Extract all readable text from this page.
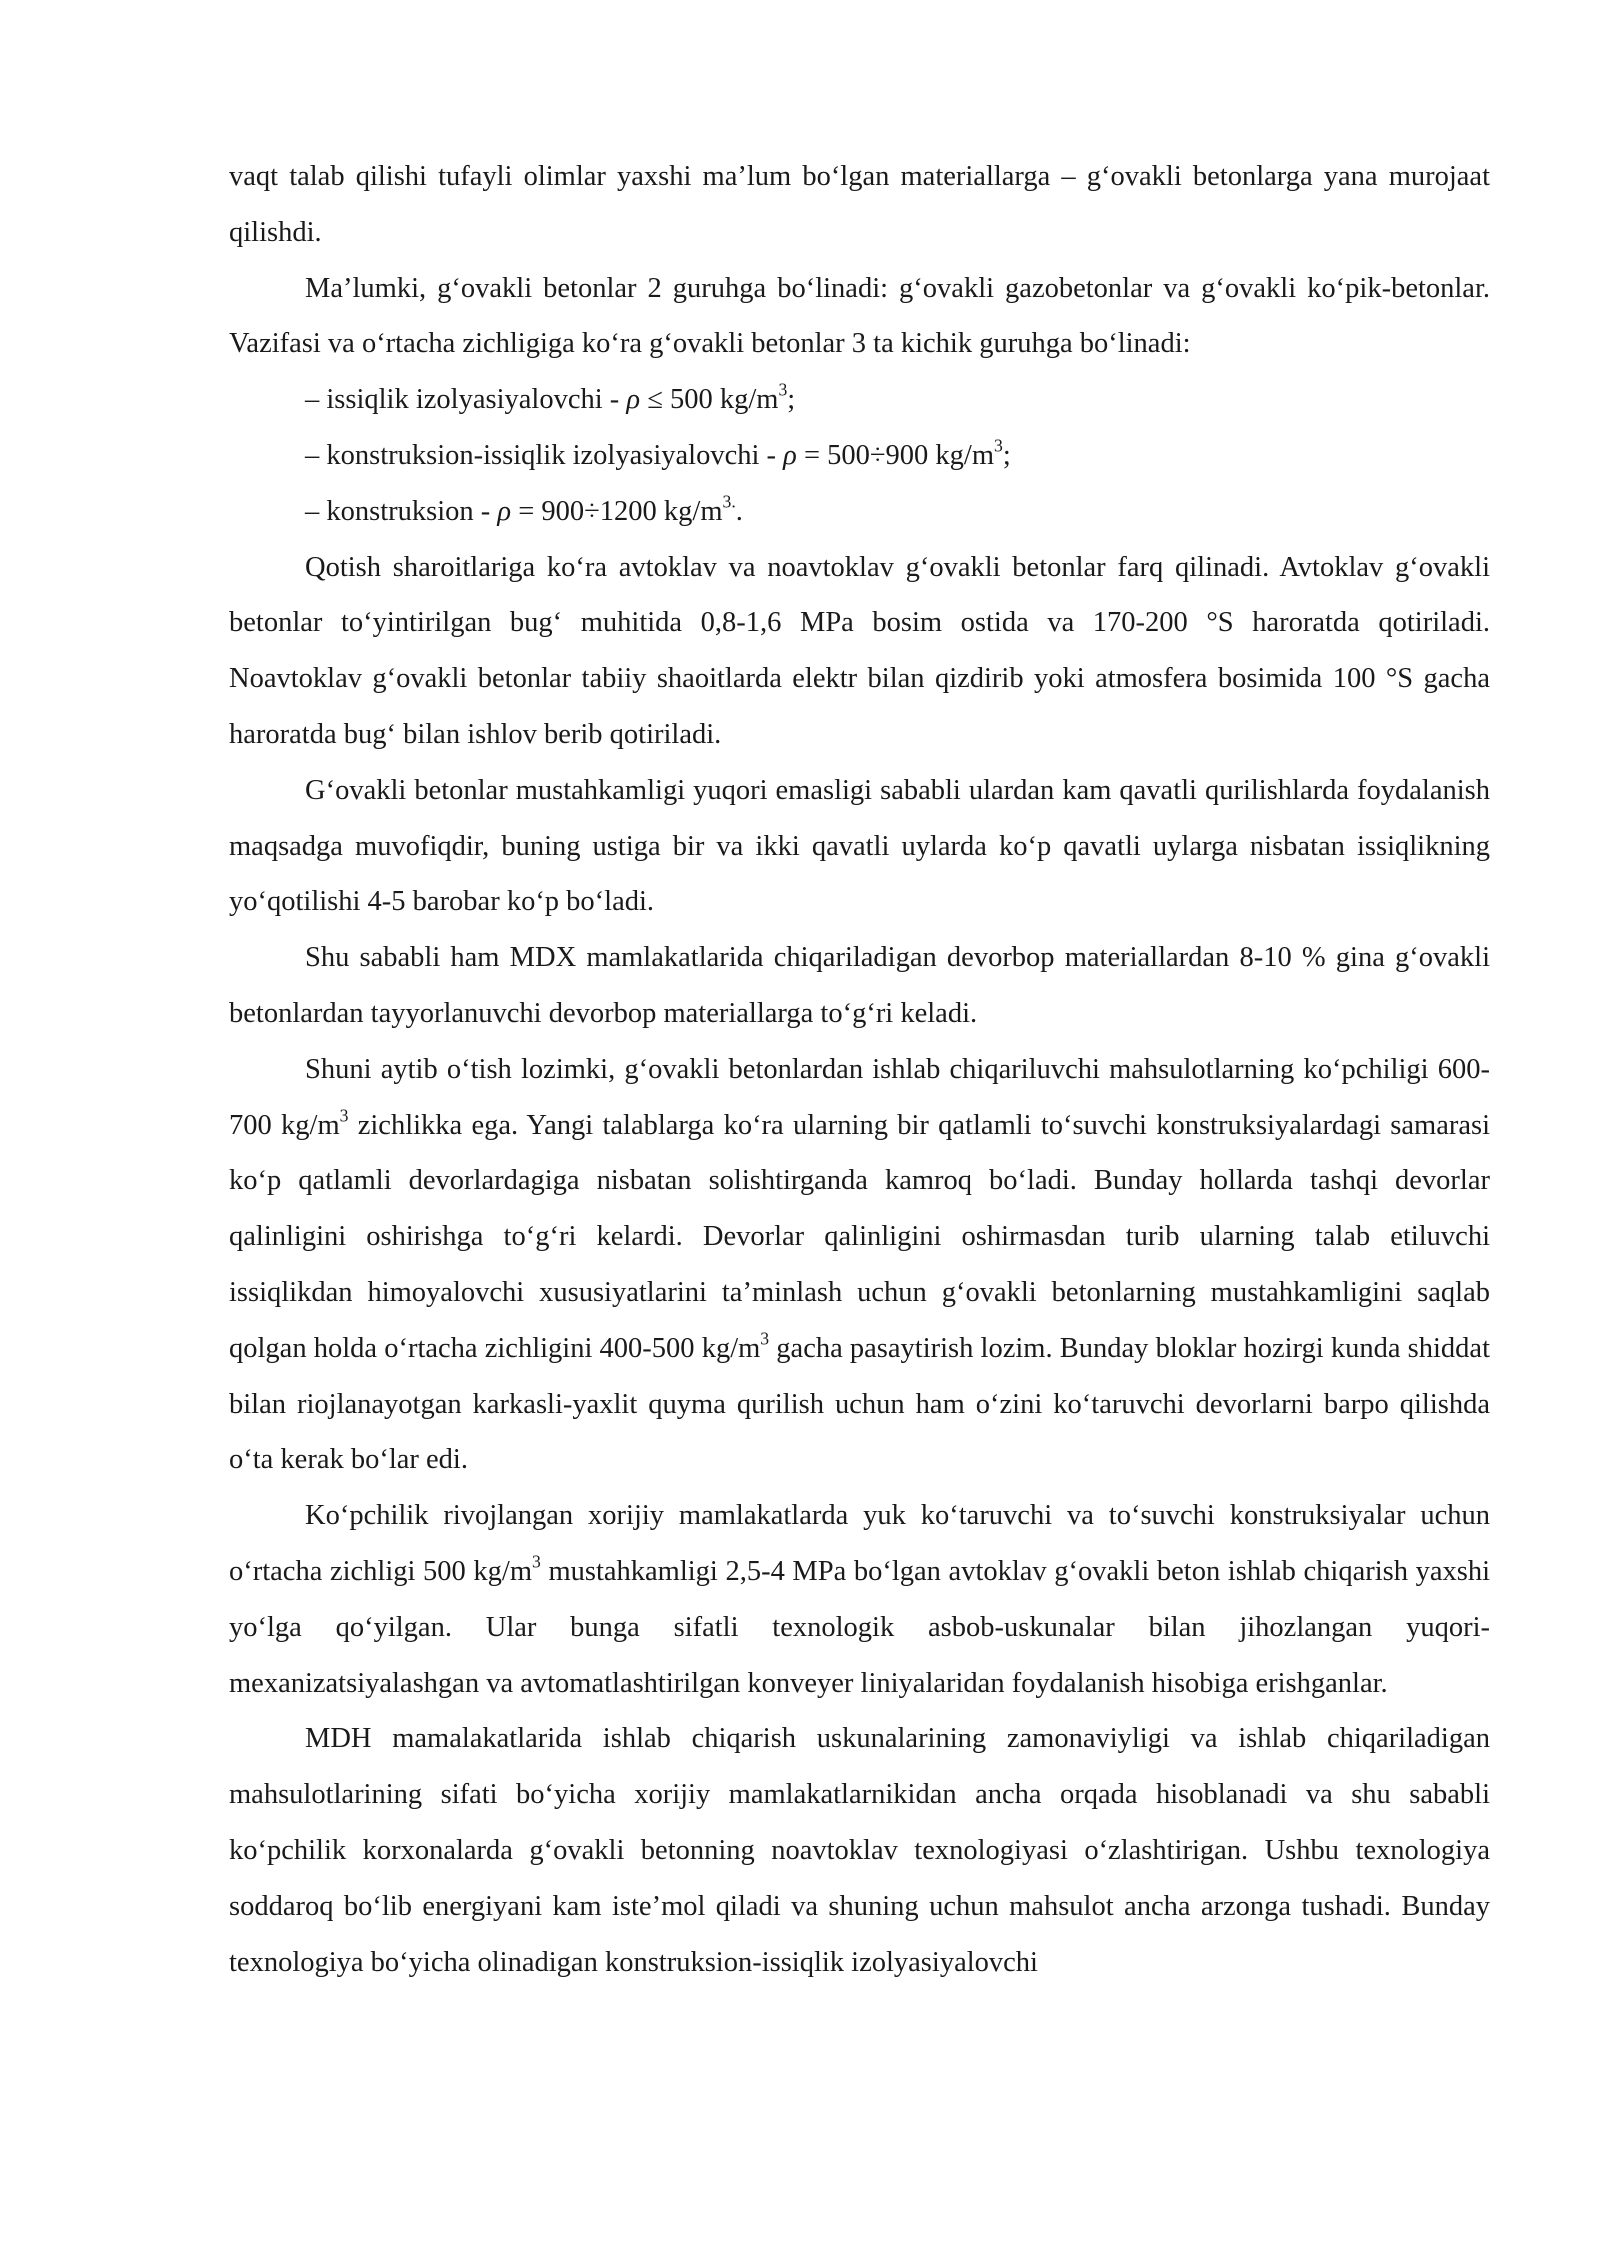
vaqt talab qilishi tufayli olimlar yaxshi ma’lum bo‘lgan materiallarga – g‘ovakli betonlarga yana murojaat qilishdi.

Ma’lumki, g‘ovakli betonlar 2 guruhga bo‘linadi: g‘ovakli gazobetonlar va g‘ovakli ko‘pik-betonlar. Vazifasi va o‘rtacha zichligiga ko‘ra g‘ovakli betonlar 3 ta kichik guruhga bo‘linadi:

– issiqlik izolyasiyalovchi - ρ ≤ 500 $kg/m^3$;

– konstruksion-issiqlik izolyasiyalovchi - ρ = 500÷900 $kg/m^3$;

– konstruksion - ρ = 900÷1200 $kg/m^{3.}$.

Qotish sharoitlariga ko‘ra avtoklav va noavtoklav g‘ovakli betonlar farq qilinadi. Avtoklav g‘ovakli betonlar to‘yintirilgan bug‘ muhitida 0,8-1,6 MPa bosim ostida va 170-200 °S haroratda qotiriladi. Noavtoklav g‘ovakli betonlar tabiiy shaoitlarda elektr bilan qizdirib yoki atmosfera bosimida 100 °S gacha haroratda bug‘ bilan ishlov berib qotiriladi.

G‘ovakli betonlar mustahkamligi yuqori emasligi sababli ulardan kam qavatli qurilishlarda foydalanish maqsadga muvofiqdir, buning ustiga bir va ikki qavatli uylarda ko‘p qavatli uylarga nisbatan issiqlikning yo‘qotilishi 4-5 barobar ko‘p bo‘ladi.

Shu sababli ham MDX mamlakatlarida chiqariladigan devorbop materiallardan 8-10 % gina g‘ovakli betonlardan tayyorlanuvchi devorbop materiallarga to‘g‘ri keladi.

Shuni aytib o‘tish lozimki, g‘ovakli betonlardan ishlab chiqariluvchi mahsulotlarning ko‘pchiligi 600-700 $kg/m^3$ zichlikka ega. Yangi talablarga ko‘ra ularning bir qatlamli to‘suvchi konstruksiyalardagi samarasi ko‘p qatlamli devorlardagiga nisbatan solishtirganda kamroq bo‘ladi. Bunday hollarda tashqi devorlar qalinligini oshirishga to‘g‘ri kelardi. Devorlar qalinligini oshirmasdan turib ularning talab etiluvchi issiqlikdan himoyalovchi xususiyatlarini ta’minlash uchun g‘ovakli betonlarning mustahkamligini saqlab qolgan holda o‘rtacha zichligini 400-500 $kg/m^3$ gacha pasaytirish lozim. Bunday bloklar hozirgi kunda shiddat bilan riojlanayotgan karkasli-yaxlit quyma qurilish uchun ham o‘zini ko‘taruvchi devorlarni barpo qilishda o‘ta kerak bo‘lar edi.

Ko‘pchilik rivojlangan xorijiy mamlakatlarda yuk ko‘taruvchi va to‘suvchi konstruksiyalar uchun o‘rtacha zichligi 500 $kg/m^3$ mustahkamligi 2,5-4 MPa bo‘lgan avtoklav g‘ovakli beton ishlab chiqarish yaxshi yo‘lga qo‘yilgan. Ular bunga sifatli texnologik asbob-uskunalar bilan jihozlangan yuqori-mexanizatsiyalashgan va avtomatlashtirilgan konveyer liniyalaridan foydalanish hisobiga erishganlar.

MDH mamalakatlarida ishlab chiqarish uskunalarining zamonaviyligi va ishlab chiqariladigan mahsulotlarining sifati bo‘yicha xorijiy mamlakatlarnikidan ancha orqada hisoblanadi va shu sababli ko‘pchilik korxonalarda g‘ovakli betonning noavtoklav texnologiyasi o‘zlashtirigan. Ushbu texnologiya soddaroq bo‘lib energiyani kam iste’mol qiladi va shuning uchun mahsulot ancha arzonga tushadi. Bunday texnologiya bo‘yicha olinadigan konstruksion-issiqlik izolyasiyalovchi
